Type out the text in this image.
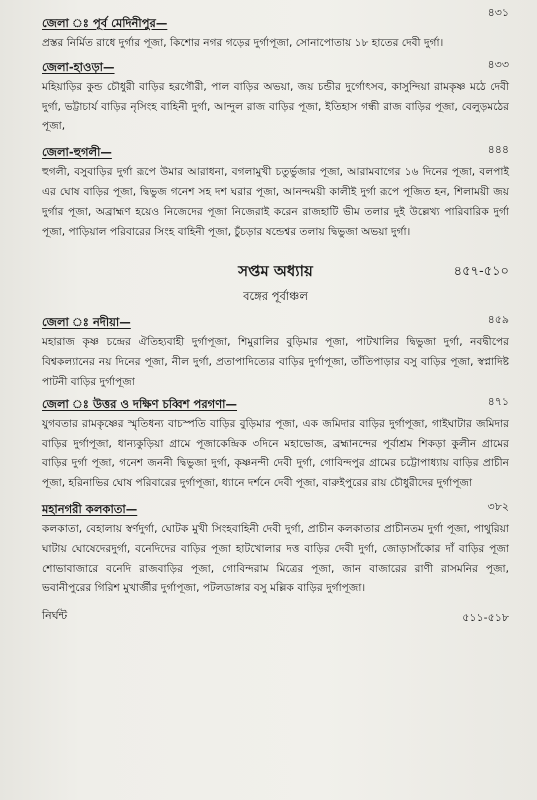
৪৩১
জেলা ঃ পূর্ব মেদিনীপুর—

প্রস্তর নির্মিত রাধে দুর্গার পূজা, কিশোর নগর গড়ের দুর্গাপূজা, সোনাপোতায় ১৮ হাতের দেবী দুর্গা।

৪৩৩
জেলা-হাওড়া—

মহিয়াড়ির কুন্ড চৌধুরী বাড়ির হরগৌরী, পাল বাড়ির অভয়া, জয় চন্ডীর দুর্গোৎসব, কাসুন্দিয়া রামকৃষ্ণ মঠে দেবী দুর্গা, ভট্টাচার্য বাড়ির নৃসিংহ বাহিনী দুর্গা, আন্দুল রাজ বাড়ির পূজা, ইতিহাস গন্ধী রাজ বাড়ির পূজা, বেলুড়মঠের পূজা,

৪৪৪
জেলা-হুগলী—

হুগলী, বসুবাড়ির দুর্গা রূপে উমার আরাধনা, বগলামুখী চতুর্ভুজার পূজা, আরামবাগের ১৬ দিনের পূজা, বলপাই এর ঘোষ বাড়ির পূজা, দ্বিভুজ গনেশ সহ দশ ঘরার পূজা, আনন্দময়ী কালীই দুর্গা রূপে পূজিত হন, শিলাময়ী জয় দুর্গার পূজা, অব্রাহ্মণ হয়েও নিজেদের পূজা নিজেরাই করেন রাজহাটি ভীম তলার দুই উল্লেখ্য পারিবারিক দুর্গা পূজা, পাড়িয়াল পরিবারের সিংহ বাহিনী পূজা, চুঁচড়ার ষন্ডেশ্বর তলায় দ্বিভুজা অভয়া দুর্গা।

সপ্তম অধ্যায়	৪৫৭-৫১০
বঙ্গের পূর্বাঞ্চল
৪৫৯
জেলা ঃ নদীয়া—

মহারাজ কৃষ্ণ চন্দ্রের ঐতিহ্যবাহী দুর্গাপূজা, শিমুরালির বুড়িমার পূজা, পাটখালির দ্বিভুজা দুর্গা, নবদ্বীপের বিশ্বকল্যানের নয় দিনের পূজা, নীল দুর্গা, প্রতাপাদিত্যের বাড়ির দুর্গাপূজা, তাঁতিপাড়ার বসু বাড়ির পূজা, স্বপ্নাদিষ্ট পাটনী বাড়ির দুর্গাপূজা

৪৭১
জেলা ঃ উত্তর ও দক্ষিণ চব্বিশ পরগণা—

যুগবতার রামকৃষ্ণের স্মৃতিধন্য বাচস্পতি বাড়ির বুড়িমার পূজা, এক জমিদার বাড়ির দুর্গাপূজা, গাইঘাটার জমিদার বাড়ির দুর্গাপূজা, ধান্যকুড়িয়া গ্রামে পূজাকেন্দ্রিক ৩দিনে মহাভোজ, ব্রহ্মানন্দের পূর্বাশ্রম শিকড়া কুলীন গ্রামের বাড়ির দুর্গা পূজা, গনেশ জননী দ্বিভুজা দুর্গা, কৃষ্ণনন্দী দেবী দুর্গা, গোবিন্দপুর গ্রামের চট্টোপাধ্যায় বাড়ির প্রাচীন পূজা, হরিনাভির ঘোষ পরিবারের দুর্গাপূজা, ধ্যানে দর্শনে দেবী পূজা, বারুইপুরের রায় চৌধুরীদের দুর্গাপূজা

৩৮২
মহানগরী কলকাতা—

কলকাতা, বেহালায় স্বর্ণদুর্গা, ঘোটক মুখী সিংহবাহিনী দেবী দুর্গা, প্রাচীন কলকাতার প্রাচীনতম দুর্গা পূজা, পাথুরিয়া ঘাটায় ঘোষেদেরদুর্গা, বনেদিদের বাড়ির পূজা হাটখোলার দত্ত বাড়ির দেবী দুর্গা, জোড়াসাঁকোর দাঁ বাড়ির পূজা শোভাবাজারে বনেদি রাজবাড়ির পূজা, গোবিন্দরাম মিত্রের পূজা, জান বাজারের রাণী রাসমনির পূজা, ভবানীপুরের গিরিশ মুখার্জীর দুর্গাপূজা, পটলডাঙ্গার বসু মল্লিক বাড়ির দুর্গাপূজা।

নির্ঘন্ট	৫১১-৫১৮
